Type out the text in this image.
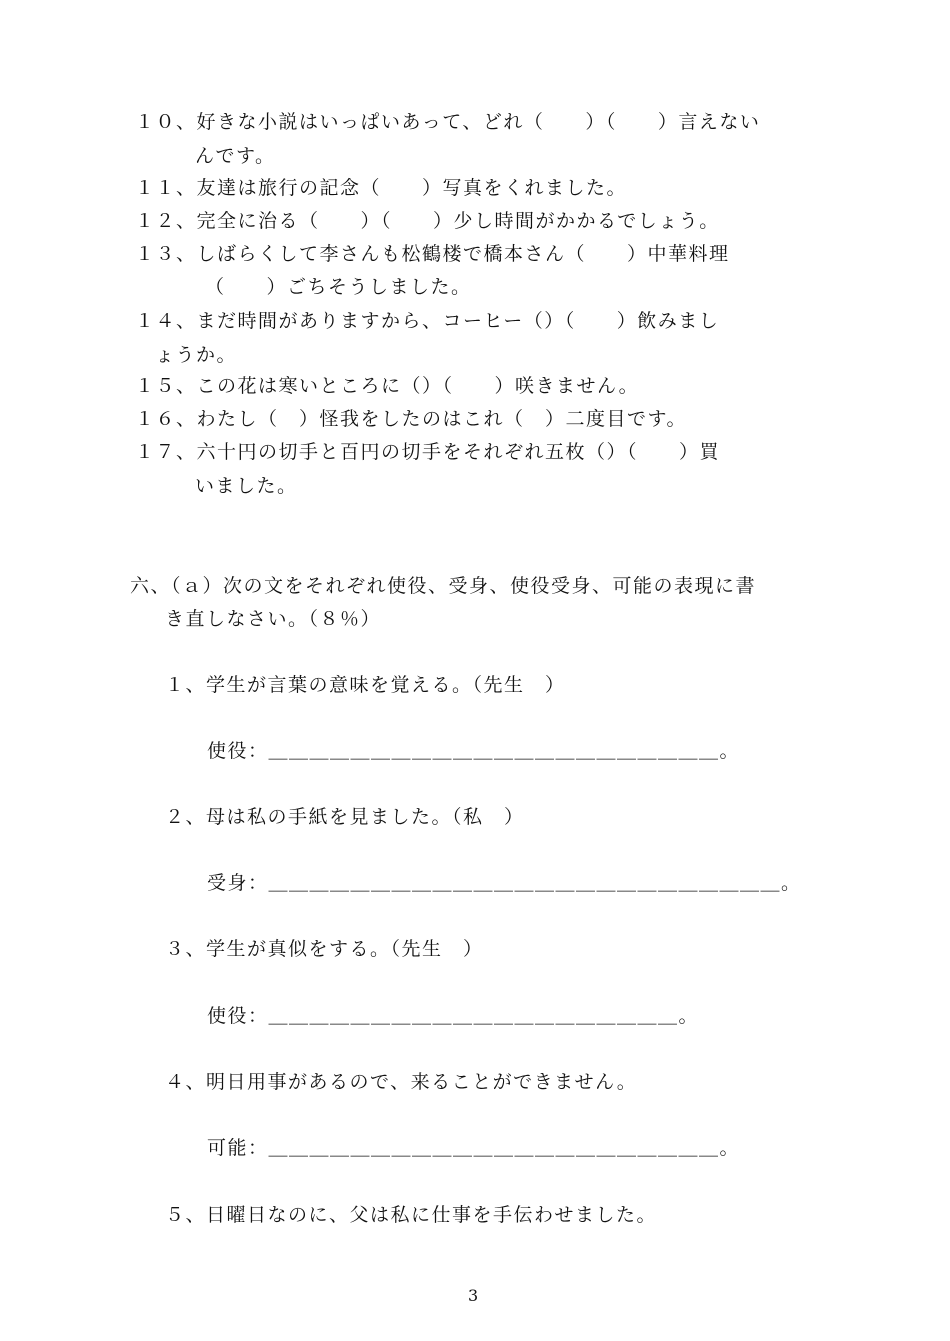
１０、好きな小説はいっぱいあって、どれ（　　）（　　）言えない
んです。
１１、友達は旅行の記念（　　）写真をくれました。
１２、完全に治る（　　）（　　）少し時間がかかるでしょう。
１３、しばらくして李さんも松鶴楼で橋本さん（　　）中華料理
（　　）ごちそうしました。
１４、まだ時間がありますから、コーヒー（）（　　）飲みまし
ょうか。
１５、この花は寒いところに（）（　　）咲きません。
１６、わたし（　）怪我をしたのはこれ（　）二度目です。
１７、六十円の切手と百円の切手をそれぞれ五枚（）（　　）買
いました。
六、（ａ）次の文をそれぞれ使役、受身、使役受身、可能の表現に書
き直しなさい。（８％）
１、学生が言葉の意味を覚える。（先生　）
使役：＿＿＿＿＿＿＿＿＿＿＿＿＿＿＿＿＿＿＿＿＿＿。
２、母は私の手紙を見ました。（私　）
受身：＿＿＿＿＿＿＿＿＿＿＿＿＿＿＿＿＿＿＿＿＿＿＿＿＿。
３、学生が真似をする。（先生　）
使役：＿＿＿＿＿＿＿＿＿＿＿＿＿＿＿＿＿＿＿＿。
４、明日用事があるので、来ることができません。
可能：＿＿＿＿＿＿＿＿＿＿＿＿＿＿＿＿＿＿＿＿＿＿。
５、日曜日なのに、父は私に仕事を手伝わせました。
3
